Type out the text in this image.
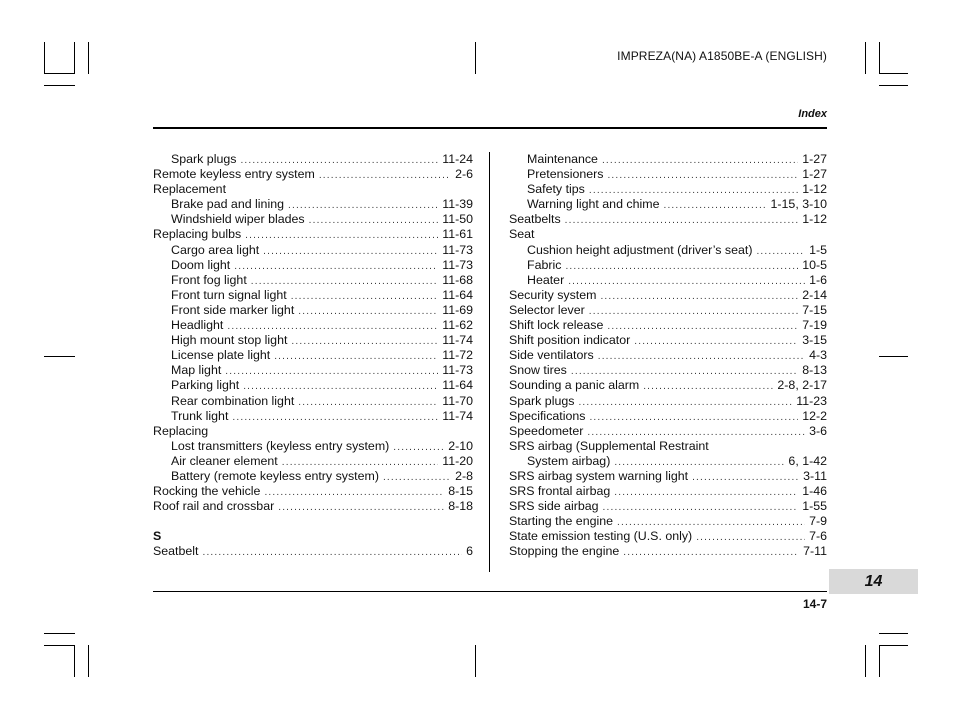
IMPREZA(NA) A1850BE-A (ENGLISH)
Index
Spark plugs .....	11-24
Remote keyless entry system .....	2-6
Replacement
Brake pad and lining .....	11-39
Windshield wiper blades .....	11-50
Replacing bulbs .....	11-61
Cargo area light .....	11-73
Doom light .....	11-73
Front fog light .....	11-68
Front turn signal light .....	11-64
Front side marker light .....	11-69
Headlight .....	11-62
High mount stop light .....	11-74
License plate light .....	11-72
Map light .....	11-73
Parking light .....	11-64
Rear combination light .....	11-70
Trunk light .....	11-74
Replacing
Lost transmitters (keyless entry system) .....	2-10
Air cleaner element .....	11-20
Battery (remote keyless entry system) .....	2-8
Rocking the vehicle .....	8-15
Roof rail and crossbar .....	8-18
S
Seatbelt .....	6
Maintenance .....	1-27
Pretensioners .....	1-27
Safety tips .....	1-12
Warning light and chime .....	1-15, 3-10
Seatbelts .....	1-12
Seat
Cushion height adjustment (driver’s seat) .....	1-5
Fabric .....	10-5
Heater .....	1-6
Security system .....	2-14
Selector lever .....	7-15
Shift lock release .....	7-19
Shift position indicator .....	3-15
Side ventilators .....	4-3
Snow tires .....	8-13
Sounding a panic alarm .....	2-8, 2-17
Spark plugs .....	11-23
Specifications .....	12-2
Speedometer .....	3-6
SRS airbag (Supplemental Restraint
System airbag) .....	6, 1-42
SRS airbag system warning light .....	3-11
SRS frontal airbag .....	1-46
SRS side airbag .....	1-55
Starting the engine .....	7-9
State emission testing (U.S. only) .....	7-6
Stopping the engine .....	7-11
14
14-7
